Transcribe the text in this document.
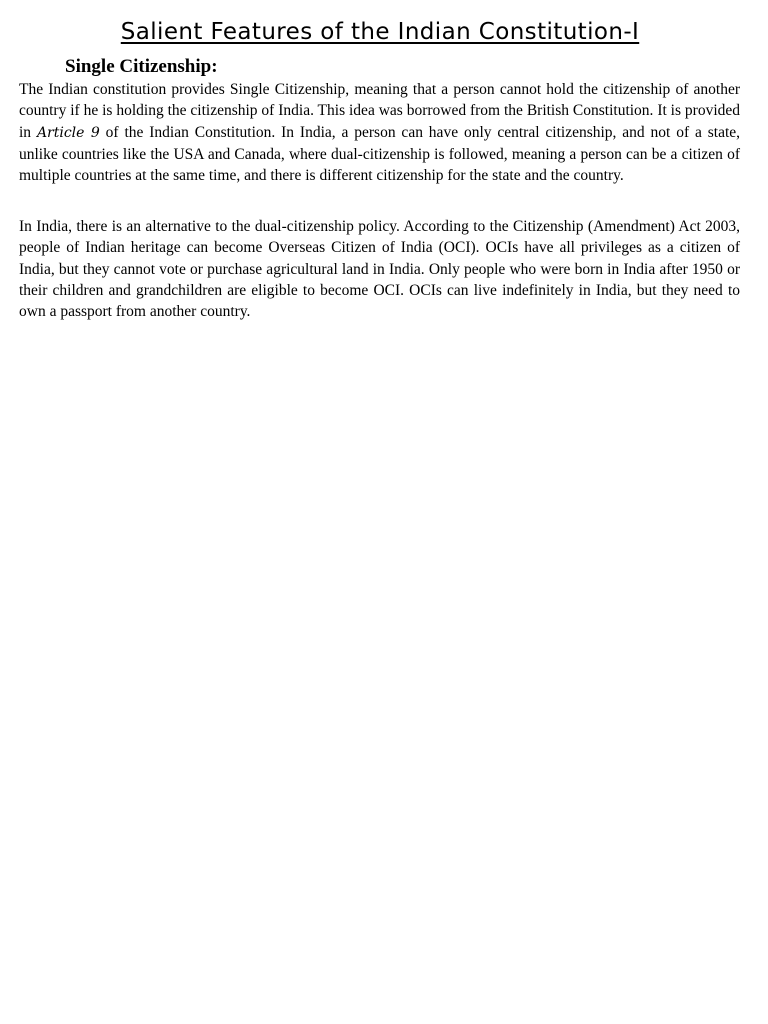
Salient Features of the Indian Constitution-I
Single Citizenship:

The Indian constitution provides Single Citizenship, meaning that a person cannot hold the citizenship of another country if he is holding the citizenship of India. This idea was borrowed from the British Constitution. It is provided in Article 9 of the Indian Constitution. In India, a person can have only central citizenship, and not of a state, unlike countries like the USA and Canada, where dual-citizenship is followed, meaning a person can be a citizen of multiple countries at the same time, and there is different citizenship for the state and the country.

In India, there is an alternative to the dual-citizenship policy. According to the Citizenship (Amendment) Act 2003, people of Indian heritage can become Overseas Citizen of India (OCI). OCIs have all privileges as a citizen of India, but they cannot vote or purchase agricultural land in India. Only people who were born in India after 1950 or their children and grandchildren are eligible to become OCI. OCIs can live indefinitely in India, but they need to own a passport from another country.
